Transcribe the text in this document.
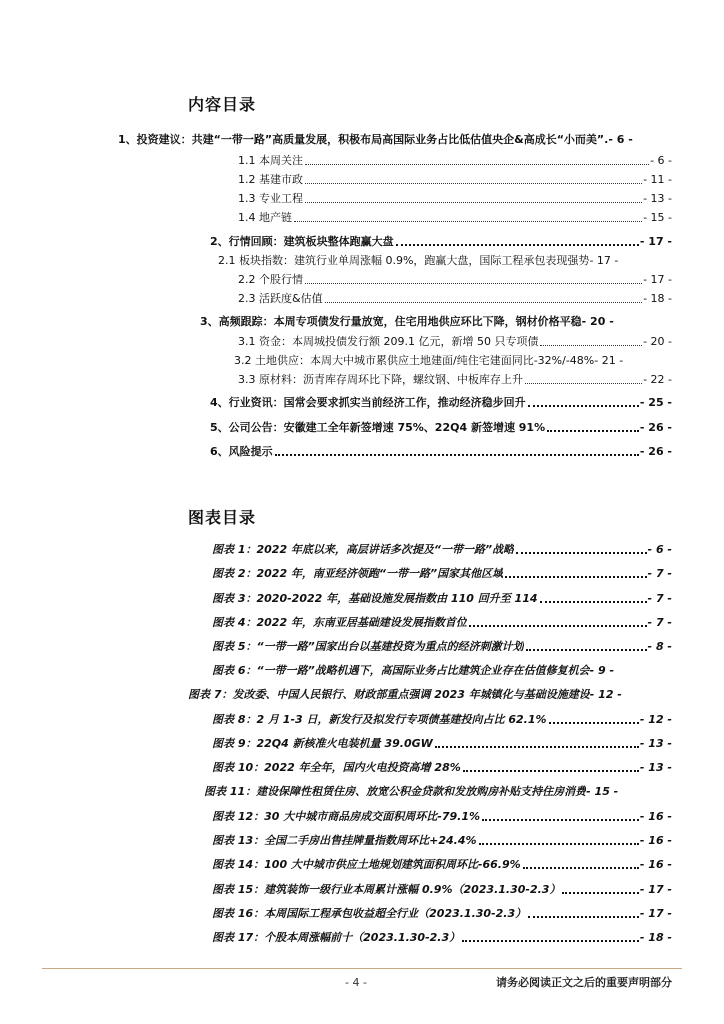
内容目录
1、投资建议：共建“一带一路”高质量发展，积极布局高国际业务占比低估值央企&高成长“小而美”. - 6 -
1.1 本周关注	- 6 -
1.2 基建市政	- 11 -
1.3 专业工程	- 13 -
1.4 地产链	- 15 -
2、行情回顾：建筑板块整体跑赢大盘	- 17 -
2.1 板块指数：建筑行业单周涨幅 0.9%，跑赢大盘，国际工程承包表现强势 - 17 -
2.2 个股行情	- 17 -
2.3 活跃度&估值	- 18 -
3、高频跟踪：本周专项债发行量放宽，住宅用地供应环比下降，钢材价格平稳 - 20 -
3.1 资金：本周城投债发行额 209.1 亿元，新增 50 只专项债	- 20 -
3.2 土地供应：本周大中城市累供应土地建面/纯住宅建面同比-32%/-48% - 21 -
3.3 原材料：沥青库存周环比下降，螺纹钢、中板库存上升	- 22 -
4、行业资讯：国常会要求抓实当前经济工作，推动经济稳步回升	- 25 -
5、公司公告：安徽建工全年新签增速 75%、22Q4 新签增速 91%	- 26 -
6、风险提示	- 26 -
图表目录
图表 1：2022 年底以来，高层讲话多次提及“一带一路”战略	- 6 -
图表 2：2022 年，南亚经济领跑“一带一路”国家其他区域	- 7 -
图表 3：2020-2022 年，基础设施发展指数由 110 回升至 114	- 7 -
图表 4：2022 年，东南亚居基础建设发展指数首位	- 7 -
图表 5：“一带一路”国家出台以基建投资为重点的经济刺激计划	- 8 -
图表 6：“一带一路”战略机遇下，高国际业务占比建筑企业存在估值修复机会 - 9 -
图表 7：发改委、中国人民银行、财政部重点强调 2023 年城镇化与基础设施建设 - 12 -
图表 8：2 月 1-3 日，新发行及拟发行专项债基建投向占比 62.1%	- 12 -
图表 9：22Q4 新核准火电装机量 39.0GW	- 13 -
图表 10：2022 年全年，国内火电投资高增 28%	- 13 -
图表 11：建设保障性租赁住房、放宽公积金贷款和发放购房补贴支持住房消费 - 15 -
图表 12：30 大中城市商品房成交面积周环比-79.1%	- 16 -
图表 13：全国二手房出售挂牌量指数周环比+24.4%	- 16 -
图表 14：100 大中城市供应土地规划建筑面积周环比-66.9%	- 16 -
图表 15：建筑装饰一级行业本周累计涨幅 0.9%（2023.1.30-2.3）	- 17 -
图表 16：本周国际工程承包收益超全行业（2023.1.30-2.3）	- 17 -
图表 17：个股本周涨幅前十（2023.1.30-2.3）	- 18 -
- 4 -	请务必阅读正文之后的重要声明部分
